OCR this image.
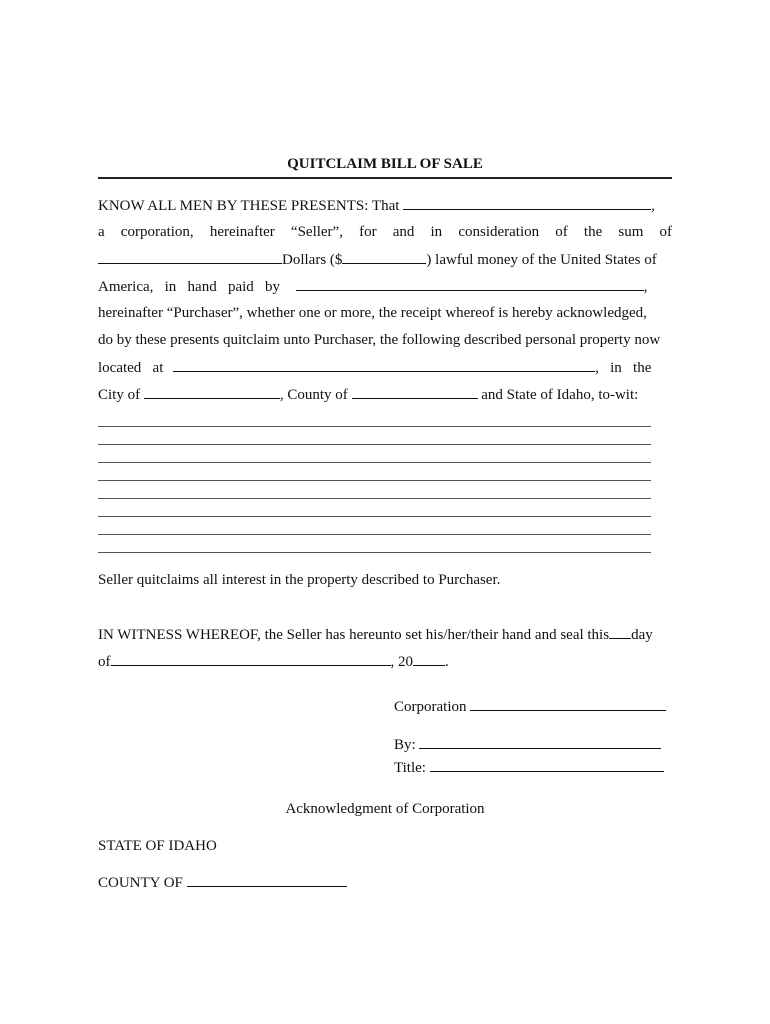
QUITCLAIM BILL OF SALE
KNOW ALL MEN BY THESE PRESENTS: That	,
a corporation, hereinafter “Seller”, for and in consideration of the sum of
Dollars ($	) lawful money of the United States of
America,   in   hand   paid   by	,
hereinafter “Purchaser”, whether one or more, the receipt whereof is hereby acknowledged,
do by these presents quitclaim unto Purchaser, the following described personal property now
located   at	,   in   the
City of	, County of	and State of Idaho, to-wit:
Seller quitclaims all interest in the property described to Purchaser.
IN WITNESS WHEREOF, the Seller has hereunto set his/her/their hand and seal this day
of	, 20 .
Corporation
By:
Title:
Acknowledgment of Corporation
STATE OF IDAHO
COUNTY OF
